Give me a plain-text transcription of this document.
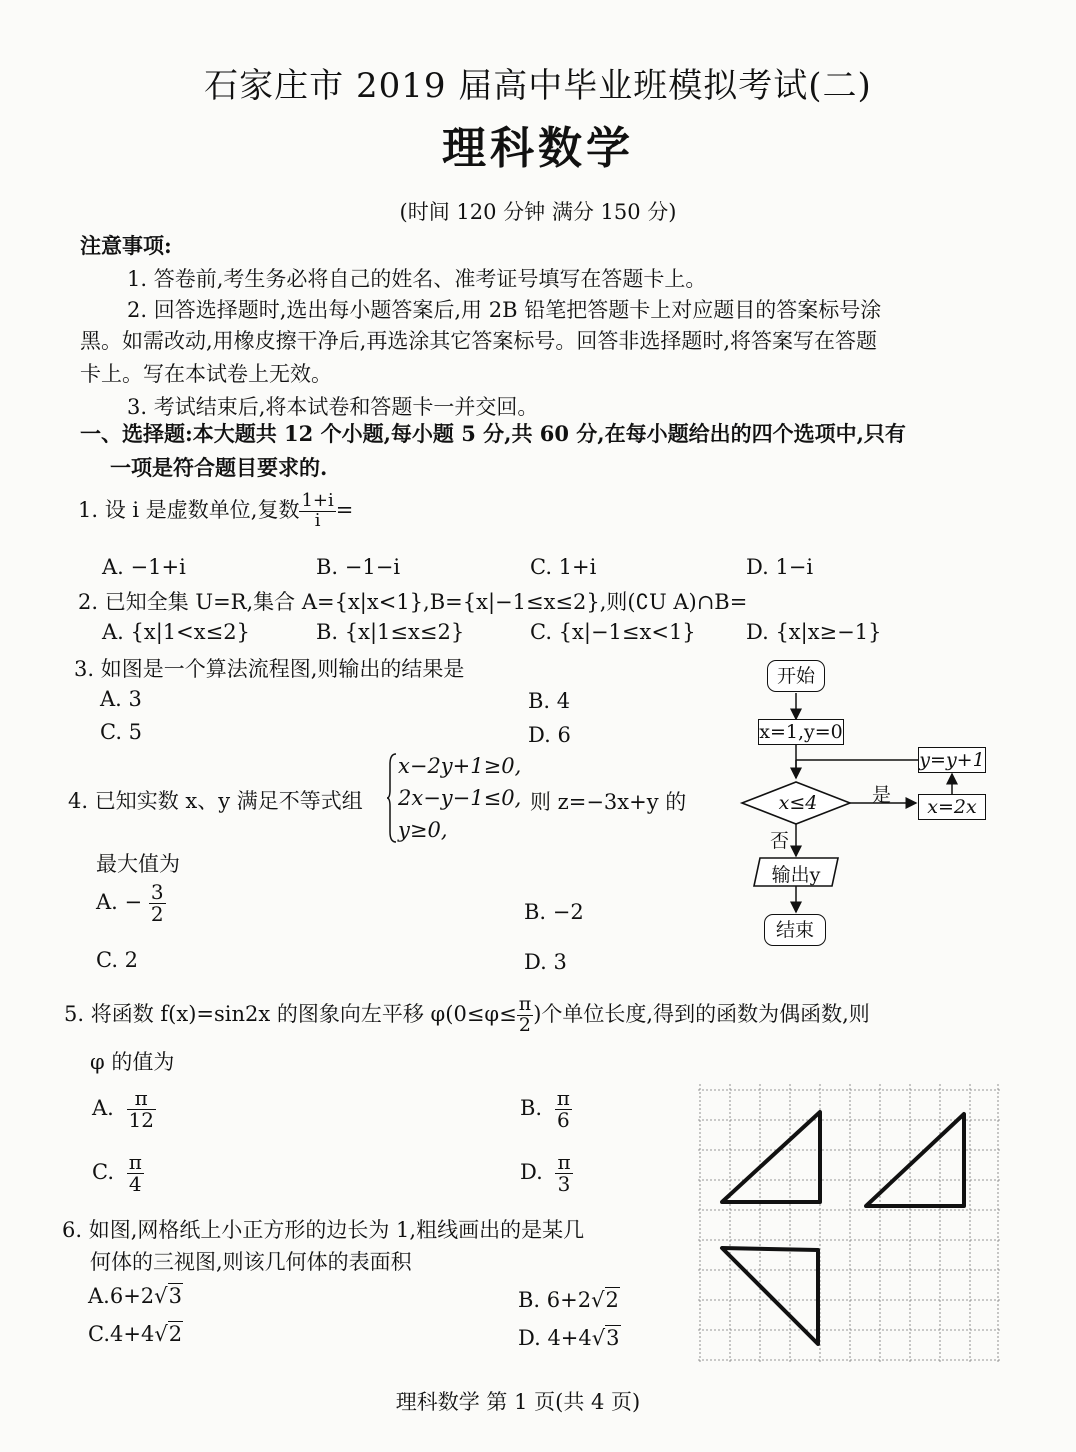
石家庄市 2019 届高中毕业班模拟考试(二)
理科数学
(时间 120 分钟 满分 150 分)
注意事项:
1. 答卷前,考生务必将自己的姓名、准考证号填写在答题卡上。
2. 回答选择题时,选出每小题答案后,用 2B 铅笔把答题卡上对应题目的答案标号涂
黑。如需改动,用橡皮擦干净后,再选涂其它答案标号。回答非选择题时,将答案写在答题
卡上。写在本试卷上无效。
3. 考试结束后,将本试卷和答题卡一并交回。
一、选择题:本大题共 12 个小题,每小题 5 分,共 60 分,在每小题给出的四个选项中,只有
一项是符合题目要求的.
1. 设 i 是虚数单位,复数 $\frac{1+i}{i}$ =
A. −1+i	B. −1−i	C. 1+i	D. 1−i
2. 已知全集 U=R,集合 A={x|x<1},B={x|−1≤x≤2},则(∁U A)∩B=
A. {x|1<x≤2}	B. {x|1≤x≤2}	C. {x|−1≤x<1} D. {x|x≥−1}
3. 如图是一个算法流程图,则输出的结果是
A. 3	B. 4
C. 5	D. 6
开始
x=1,y=0
x≤4	是
否
x=2x
y=y+1
输出y
结束
4. 已知实数 x、y 满足不等式组
x−2y+1≥0,
2x−y−1≤0,
y≥0,
则 z=−3x+y 的
最大值为
A. − $\frac{3}{2}$	B. −2
C. 2	D. 3
5. 将函数 f(x)=sin2x 的图象向左平移 $\varphi(0\le\varphi\le \frac{\pi}{2}$ )个单位长度,得到的函数为偶函数,则
φ 的值为
A. $\frac{\pi}{12}$	B. $\frac{\pi}{6}$
C. $\frac{\pi}{4}$	D. $\frac{\pi}{3}$
6. 如图,网格纸上小正方形的边长为 1,粗线画出的是某几
何体的三视图,则该几何体的表面积
A.6+2√3	B. 6+2√2
C.4+4√2	D. 4+4√3
理科数学 第 1 页(共 4 页)
